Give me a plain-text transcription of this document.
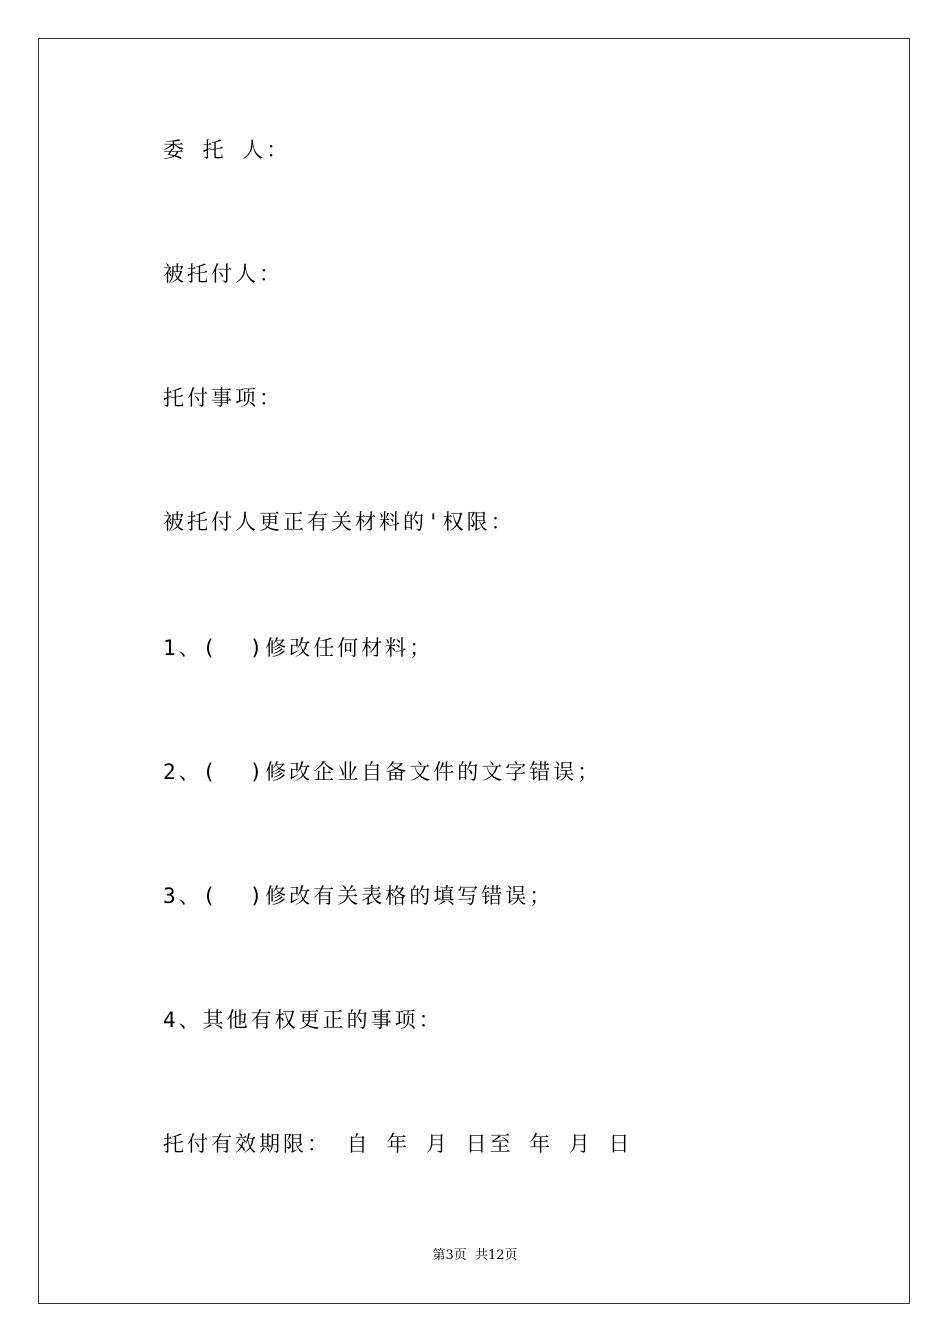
委 托 人：
被托付人：
托付事项：
被托付人更正有关材料的'权限：
1、(  )修改任何材料；
2、(  )修改企业自备文件的文字错误；
3、(  )修改有关表格的填写错误；
4、其他有权更正的事项：
托付有效期限： 自 年 月 日至 年 月 日
第3页  共12页
